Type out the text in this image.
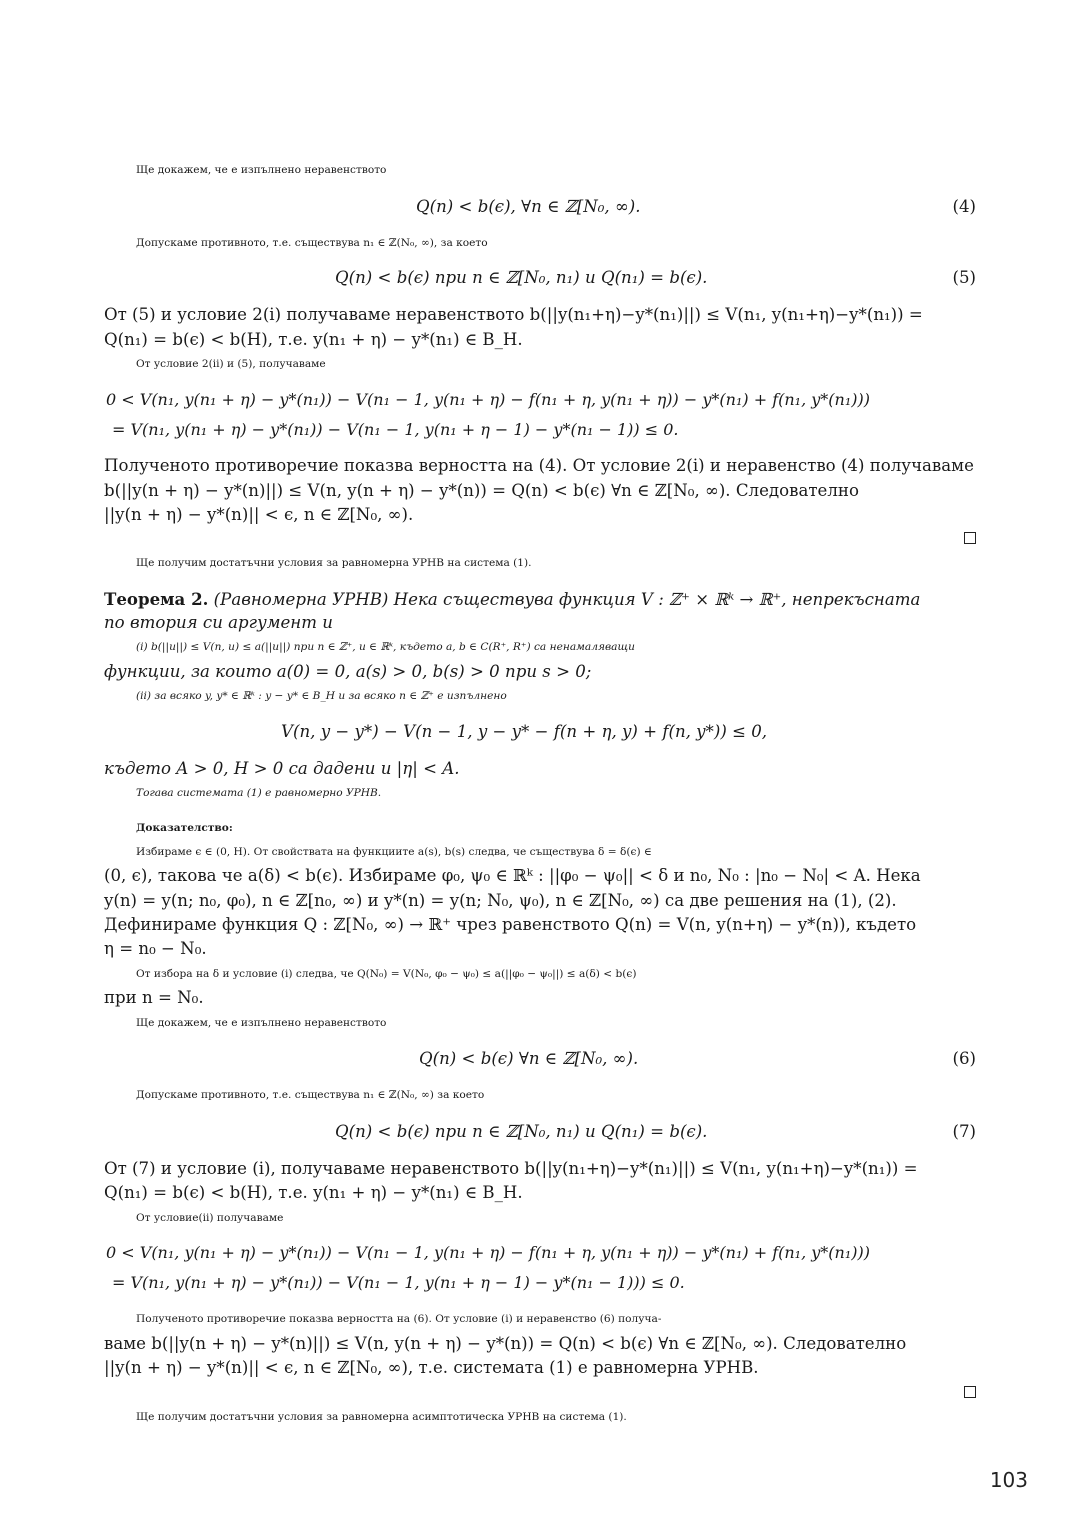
Ще докажем, че е изпълнено неравенството
Q(n) < b(ϵ), ∀n ∈ ℤ[N₀, ∞).	(4)
Допускаме противното, т.е. съществува n₁ ∈ ℤ(N₀, ∞), за което
Q(n) < b(ϵ) при n ∈ ℤ[N₀, n₁) и Q(n₁) = b(ϵ).	(5)
От (5) и условие 2(i) получаваме неравенството b(||y(n₁+η)−y*(n₁)||) ≤ V(n₁, y(n₁+η)−y*(n₁)) =
Q(n₁) = b(ϵ) < b(H), т.е. y(n₁ + η) − y*(n₁) ∈ B_H.
От условие 2(ii) и (5), получаваме
0 < V(n₁, y(n₁ + η) − y*(n₁)) − V(n₁ − 1, y(n₁ + η) − f(n₁ + η, y(n₁ + η)) − y*(n₁) + f(n₁, y*(n₁)))
= V(n₁, y(n₁ + η) − y*(n₁)) − V(n₁ − 1, y(n₁ + η − 1) − y*(n₁ − 1)) ≤ 0.
Полученото противоречие показва верността на (4). От условие 2(i) и неравенство (4) получаваме
b(||y(n + η) − y*(n)||) ≤ V(n, y(n + η) − y*(n)) = Q(n) < b(ϵ) ∀n ∈ ℤ[N₀, ∞). Следователно
||y(n + η) − y*(n)|| < ϵ, n ∈ ℤ[N₀, ∞).
Ще получим достатъчни условия за равномерна УРНВ на система (1).
Теорема 2. (Равномерна УРНВ) Нека съществува функция V : ℤ⁺ × ℝᵏ → ℝ⁺, непрекъсната
по втория си аргумент и
(i) b(||u||) ≤ V(n, u) ≤ a(||u||) при n ∈ ℤ⁺, u ∈ ℝᵏ, където a, b ∈ C(R⁺, R⁺) са ненамаляващи
функции, за които a(0) = 0, a(s) > 0, b(s) > 0 при s > 0;
(ii) за всяко y, y* ∈ ℝᵏ : y − y* ∈ B_H и за всяко n ∈ ℤ⁺ е изпълнено
V(n, y − y*) − V(n − 1, y − y* − f(n + η, y) + f(n, y*)) ≤ 0,
където A > 0, H > 0 са дадени и |η| < A.
Тогава системата (1) е равномерно УРНВ.
Доказателство:
Избираме ϵ ∈ (0, H). От свойствата на функциите a(s), b(s) следва, че съществува δ = δ(ϵ) ∈
(0, ϵ), такова че a(δ) < b(ϵ). Избираме φ₀, ψ₀ ∈ ℝᵏ : ||φ₀ − ψ₀|| < δ и n₀, N₀ : |n₀ − N₀| < A. Нека
y(n) = y(n; n₀, φ₀), n ∈ ℤ[n₀, ∞) и y*(n) = y(n; N₀, ψ₀), n ∈ ℤ[N₀, ∞) са две решения на (1), (2).
Дефинираме функция Q : ℤ[N₀, ∞) → ℝ⁺ чрез равенството Q(n) = V(n, y(n+η) − y*(n)), където
η = n₀ − N₀.
От избора на δ и условие (i) следва, че Q(N₀) = V(N₀, φ₀ − ψ₀) ≤ a(||φ₀ − ψ₀||) ≤ a(δ) < b(ϵ)
при n = N₀.
Ще докажем, че е изпълнено неравенството
Q(n) < b(ϵ) ∀n ∈ ℤ[N₀, ∞).	(6)
Допускаме противното, т.е. съществува n₁ ∈ ℤ(N₀, ∞) за което
Q(n) < b(ϵ) при n ∈ ℤ[N₀, n₁) и Q(n₁) = b(ϵ).	(7)
От (7) и условие (i), получаваме неравенството b(||y(n₁+η)−y*(n₁)||) ≤ V(n₁, y(n₁+η)−y*(n₁)) =
Q(n₁) = b(ϵ) < b(H), т.е. y(n₁ + η) − y*(n₁) ∈ B_H.
От условие(ii) получаваме
0 < V(n₁, y(n₁ + η) − y*(n₁)) − V(n₁ − 1, y(n₁ + η) − f(n₁ + η, y(n₁ + η)) − y*(n₁) + f(n₁, y*(n₁)))
= V(n₁, y(n₁ + η) − y*(n₁)) − V(n₁ − 1, y(n₁ + η − 1) − y*(n₁ − 1))) ≤ 0.
Полученото противоречие показва верността на (6). От условие (i) и неравенство (6) получа-
ваме b(||y(n + η) − y*(n)||) ≤ V(n, y(n + η) − y*(n)) = Q(n) < b(ϵ) ∀n ∈ ℤ[N₀, ∞). Следователно
||y(n + η) − y*(n)|| < ϵ, n ∈ ℤ[N₀, ∞), т.е. системата (1) е равномерна УРНВ.
Ще получим достатъчни условия за равномерна асимптотическа УРНВ на система (1).
103
